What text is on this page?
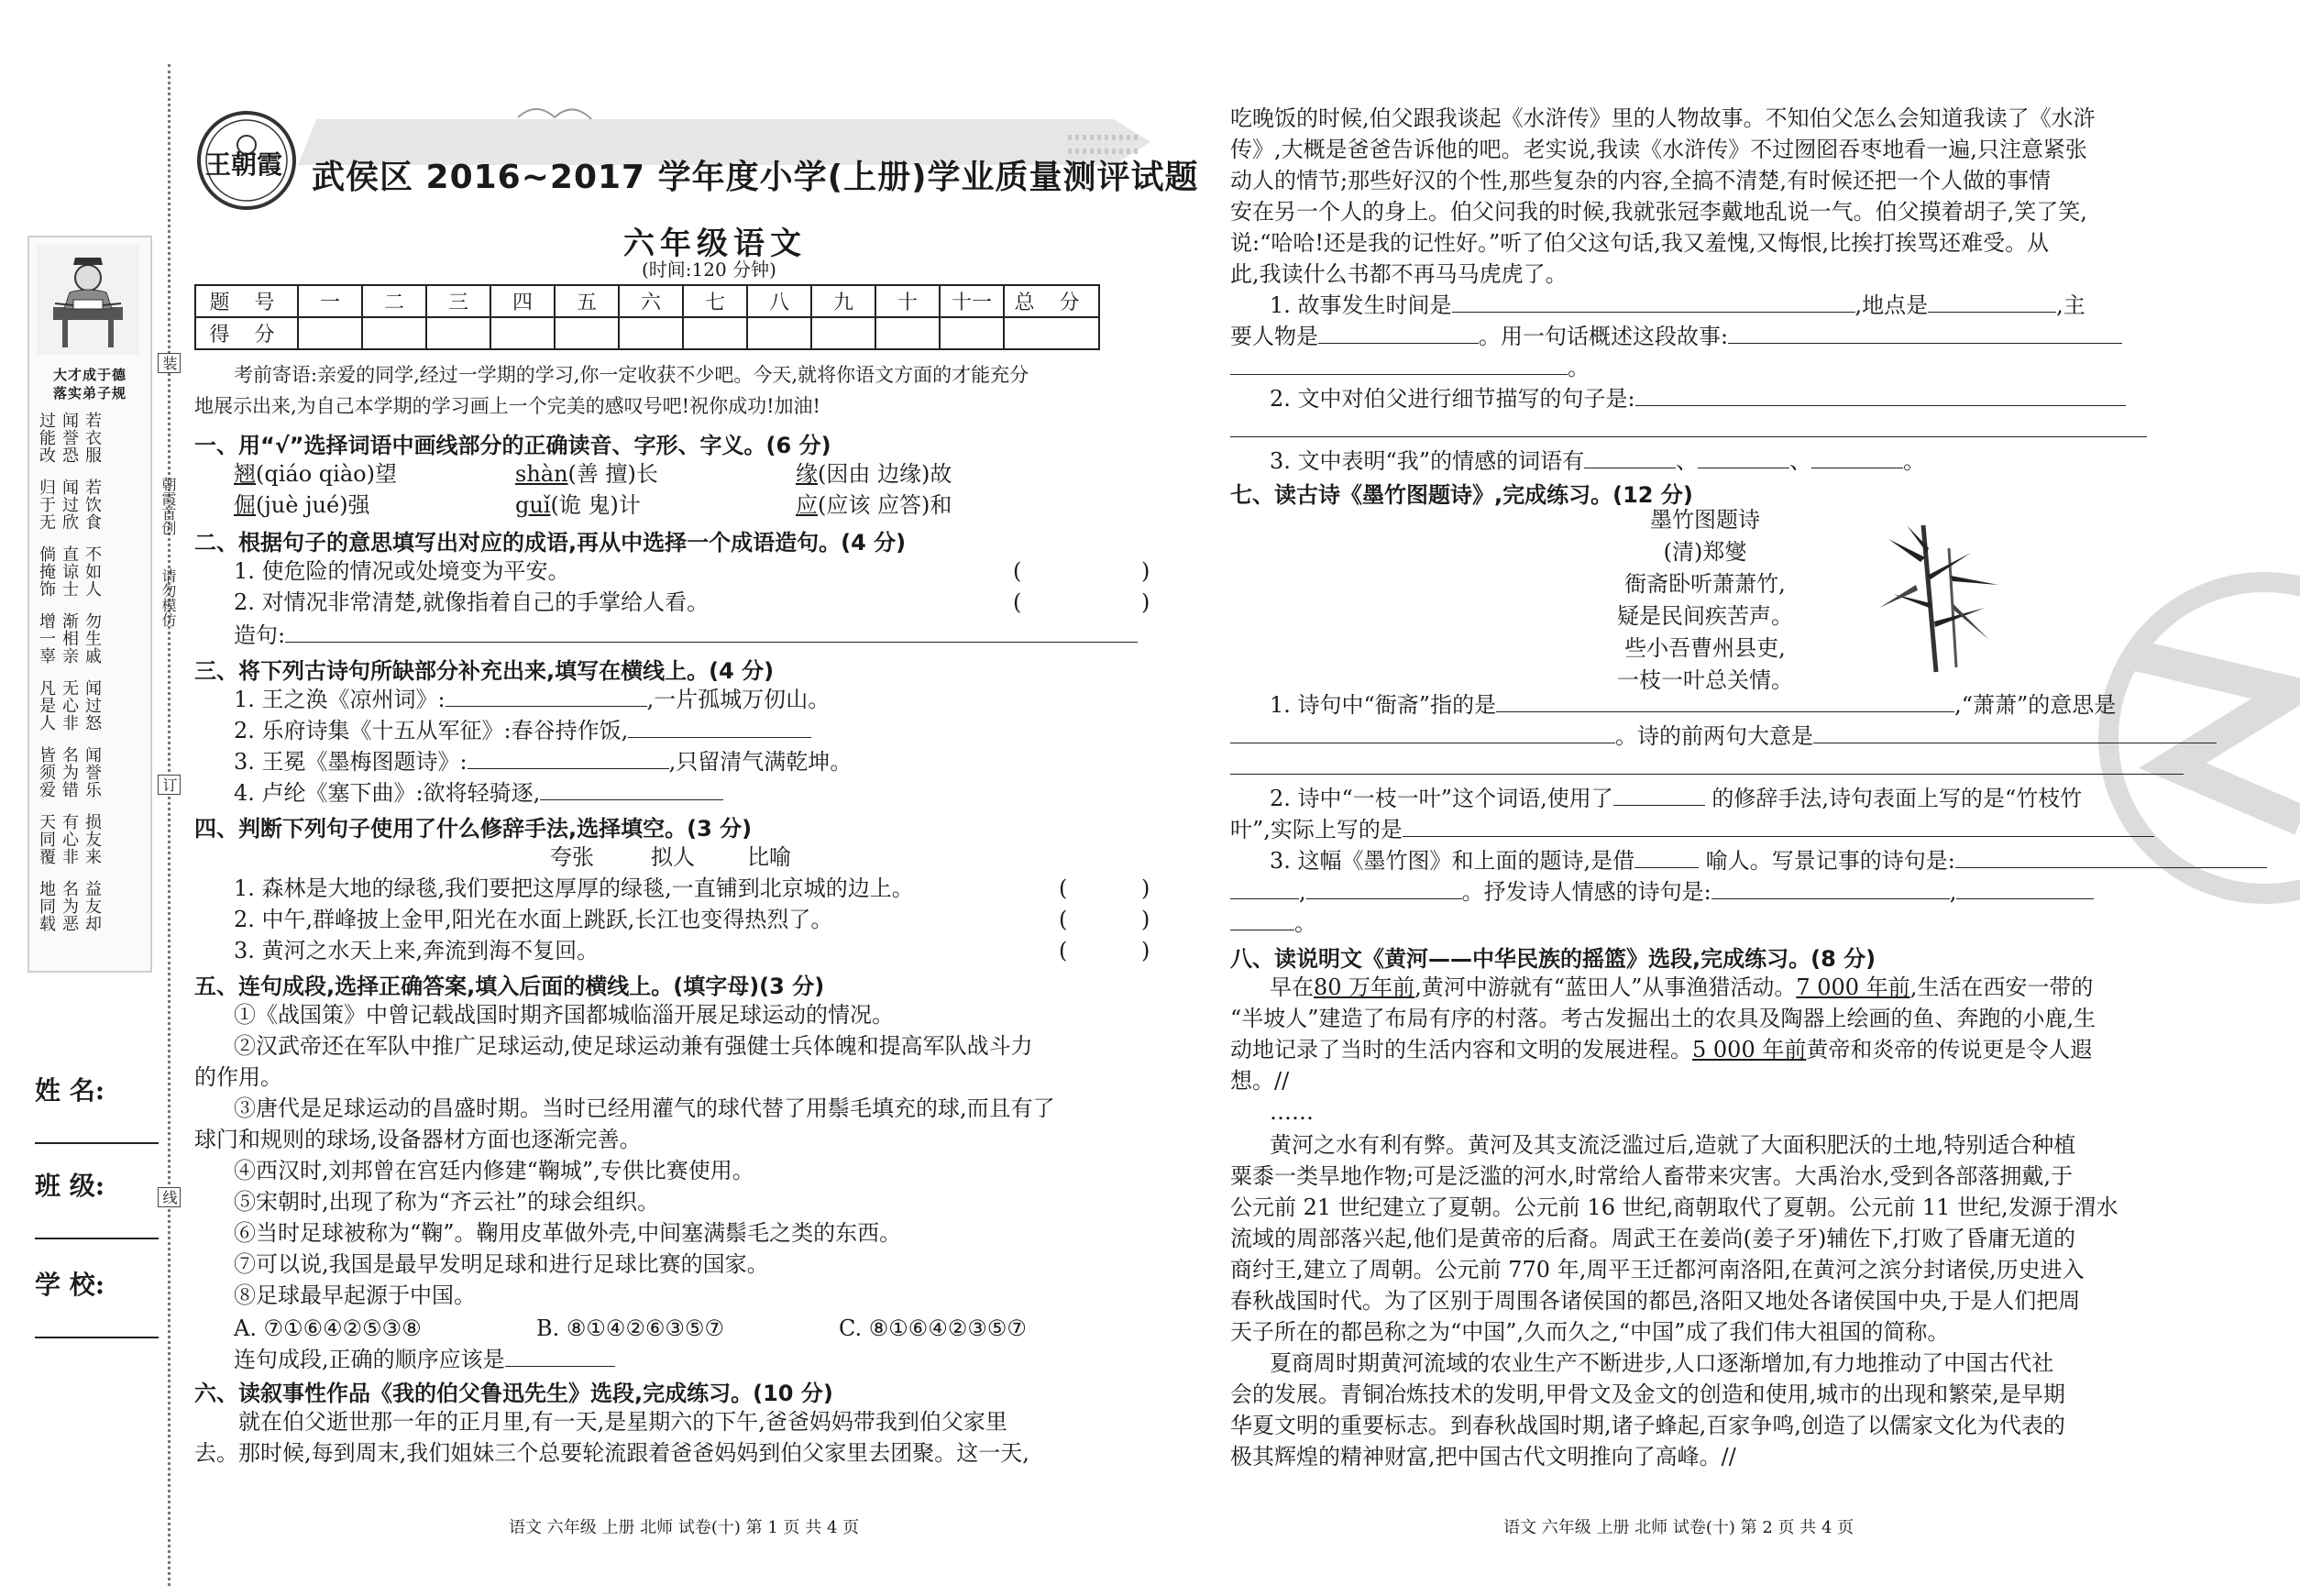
大才成于德
落实弟子规
过能改 闻誉恐 若衣服
归于无 闻过欣 若饮食
倘掩饰 直谅士 不如人
增一辜 渐相亲 勿生戚
凡是人 无心非 闻过怒
皆须爱 名为错 闻誉乐
天同覆 有心非 损友来
地同载 名为恶 益友却
装
朝霞首创
请勿模仿
订
线
姓 名:
班 级:
学 校:
王朝霞 武侯区 2016~2017 学年度小学(上册)学业质量测评试题
六年级语文
(时间:120 分钟)
题 号	一	二	三	四	五	六	七	八	九	十	十一	总 分
得 分												
考前寄语:亲爱的同学,经过一学期的学习,你一定收获不少吧。今天,就将你语文方面的才能充分
地展示出来,为自己本学期的学习画上一个完美的感叹号吧!祝你成功!加油!
一、用“√”选择词语中画线部分的正确读音、字形、字义。(6 分)
翘(qiáo qiào)望	shàn(善 擅)长	缘(因由 边缘)故
倔(juè jué)强	guǐ(诡 鬼)计	应(应该 应答)和
二、根据句子的意思填写出对应的成语,再从中选择一个成语造句。(4 分)
1. 使危险的情况或处境变为平安。	(	)
2. 对情况非常清楚,就像指着自己的手掌给人看。	(	)
造句:
三、将下列古诗句所缺部分补充出来,填写在横线上。(4 分)
1. 王之涣《凉州词》:	,一片孤城万仞山。
2. 乐府诗集《十五从军征》:春谷持作饭,
3. 王冕《墨梅图题诗》:	,只留清气满乾坤。
4. 卢纶《塞下曲》:欲将轻骑逐,
四、判断下列句子使用了什么修辞手法,选择填空。(3 分)
夸张	拟人 比喻
1. 森林是大地的绿毯,我们要把这厚厚的绿毯,一直铺到北京城的边上。	(	)
2. 中午,群峰披上金甲,阳光在水面上跳跃,长江也变得热烈了。	(	)
3. 黄河之水天上来,奔流到海不复回。	(	)
五、连句成段,选择正确答案,填入后面的横线上。(填字母)(3 分)
①《战国策》中曾记载战国时期齐国都城临淄开展足球运动的情况。
②汉武帝还在军队中推广足球运动,使足球运动兼有强健士兵体魄和提高军队战斗力
的作用。
③唐代是足球运动的昌盛时期。当时已经用灌气的球代替了用鬃毛填充的球,而且有了
球门和规则的球场,设备器材方面也逐渐完善。
④西汉时,刘邦曾在宫廷内修建“鞠城”,专供比赛使用。
⑤宋朝时,出现了称为“齐云社”的球会组织。
⑥当时足球被称为“鞠”。鞠用皮革做外壳,中间塞满鬃毛之类的东西。
⑦可以说,我国是最早发明足球和进行足球比赛的国家。
⑧足球最早起源于中国。
A. ⑦①⑥④②⑤③⑧	B. ⑧①④②⑥③⑤⑦	C. ⑧①⑥④②③⑤⑦
连句成段,正确的顺序应该是
六、读叙事性作品《我的伯父鲁迅先生》选段,完成练习。(10 分)
就在伯父逝世那一年的正月里,有一天,是星期六的下午,爸爸妈妈带我到伯父家里
去。那时候,每到周末,我们姐妹三个总要轮流跟着爸爸妈妈到伯父家里去团聚。这一天,
语文 六年级 上册 北师 试卷(十) 第 1 页 共 4 页
吃晚饭的时候,伯父跟我谈起《水浒传》里的人物故事。不知伯父怎么会知道我读了《水浒
传》,大概是爸爸告诉他的吧。老实说,我读《水浒传》不过囫囵吞枣地看一遍,只注意紧张
动人的情节;那些好汉的个性,那些复杂的内容,全搞不清楚,有时候还把一个人做的事情
安在另一个人的身上。伯父问我的时候,我就张冠李戴地乱说一气。伯父摸着胡子,笑了笑,
说:“哈哈!还是我的记性好。”听了伯父这句话,我又羞愧,又悔恨,比挨打挨骂还难受。从
此,我读什么书都不再马马虎虎了。
1. 故事发生时间是	,地点是	,主
要人物是	。用一句话概述这段故事:
。
2. 文中对伯父进行细节描写的句子是:
3. 文中表明“我”的情感的词语有	、	、	。
七、读古诗《墨竹图题诗》,完成练习。(12 分)
墨竹图题诗
(清)郑燮
衙斋卧听萧萧竹,
疑是民间疾苦声。
些小吾曹州县吏,
一枝一叶总关情。
1. 诗句中“衙斋”指的是	,“萧萧”的意思是
。诗的前两句大意是
2. 诗中“一枝一叶”这个词语,使用了	的修辞手法,诗句表面上写的是“竹枝竹
叶”,实际上写的是
3. 这幅《墨竹图》和上面的题诗,是借	喻人。写景记事的诗句是:
,	。抒发诗人情感的诗句是:	,
。
八、读说明文《黄河——中华民族的摇篮》选段,完成练习。(8 分)
早在80 万年前,黄河中游就有“蓝田人”从事渔猎活动。7 000 年前,生活在西安一带的
“半坡人”建造了布局有序的村落。考古发掘出土的农具及陶器上绘画的鱼、奔跑的小鹿,生
动地记录了当时的生活内容和文明的发展进程。5 000 年前黄帝和炎帝的传说更是令人遐
想。//
……
黄河之水有利有弊。黄河及其支流泛滥过后,造就了大面积肥沃的土地,特别适合种植
粟黍一类旱地作物;可是泛滥的河水,时常给人畜带来灾害。大禹治水,受到各部落拥戴,于
公元前 21 世纪建立了夏朝。公元前 16 世纪,商朝取代了夏朝。公元前 11 世纪,发源于渭水
流域的周部落兴起,他们是黄帝的后裔。周武王在姜尚(姜子牙)辅佐下,打败了昏庸无道的
商纣王,建立了周朝。公元前 770 年,周平王迁都河南洛阳,在黄河之滨分封诸侯,历史进入
春秋战国时代。为了区别于周围各诸侯国的都邑,洛阳又地处各诸侯国中央,于是人们把周
天子所在的都邑称之为“中国”,久而久之,“中国”成了我们伟大祖国的简称。
夏商周时期黄河流域的农业生产不断进步,人口逐渐增加,有力地推动了中国古代社
会的发展。青铜冶炼技术的发明,甲骨文及金文的创造和使用,城市的出现和繁荣,是早期
华夏文明的重要标志。到春秋战国时期,诸子蜂起,百家争鸣,创造了以儒家文化为代表的
极其辉煌的精神财富,把中国古代文明推向了高峰。//
语文 六年级 上册 北师 试卷(十) 第 2 页 共 4 页
